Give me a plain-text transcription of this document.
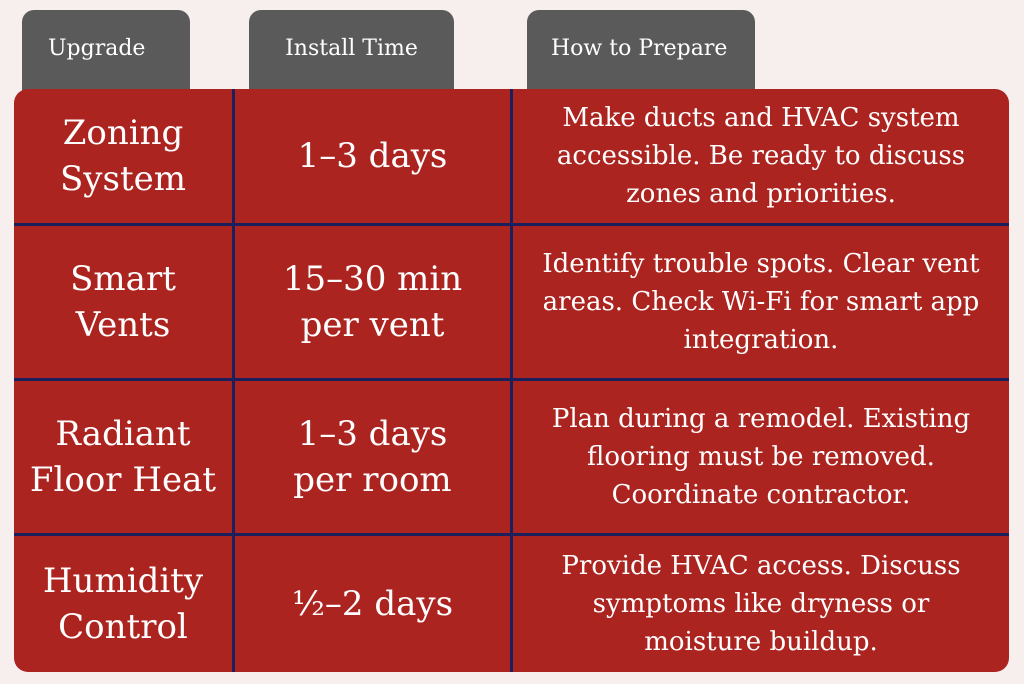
Upgrade	Install Time	How to Prepare
Zoning
System
1–3 days
Make ducts and HVAC system
accessible. Be ready to discuss
zones and priorities.
Smart
Vents
15–30 min
per vent
Identify trouble spots. Clear vent
areas. Check Wi-Fi for smart app
integration.
Radiant
Floor Heat
1–3 days
per room
Plan during a remodel. Existing
flooring must be removed.
Coordinate contractor.
Humidity
Control
½–2 days
Provide HVAC access. Discuss
symptoms like dryness or
moisture buildup.
